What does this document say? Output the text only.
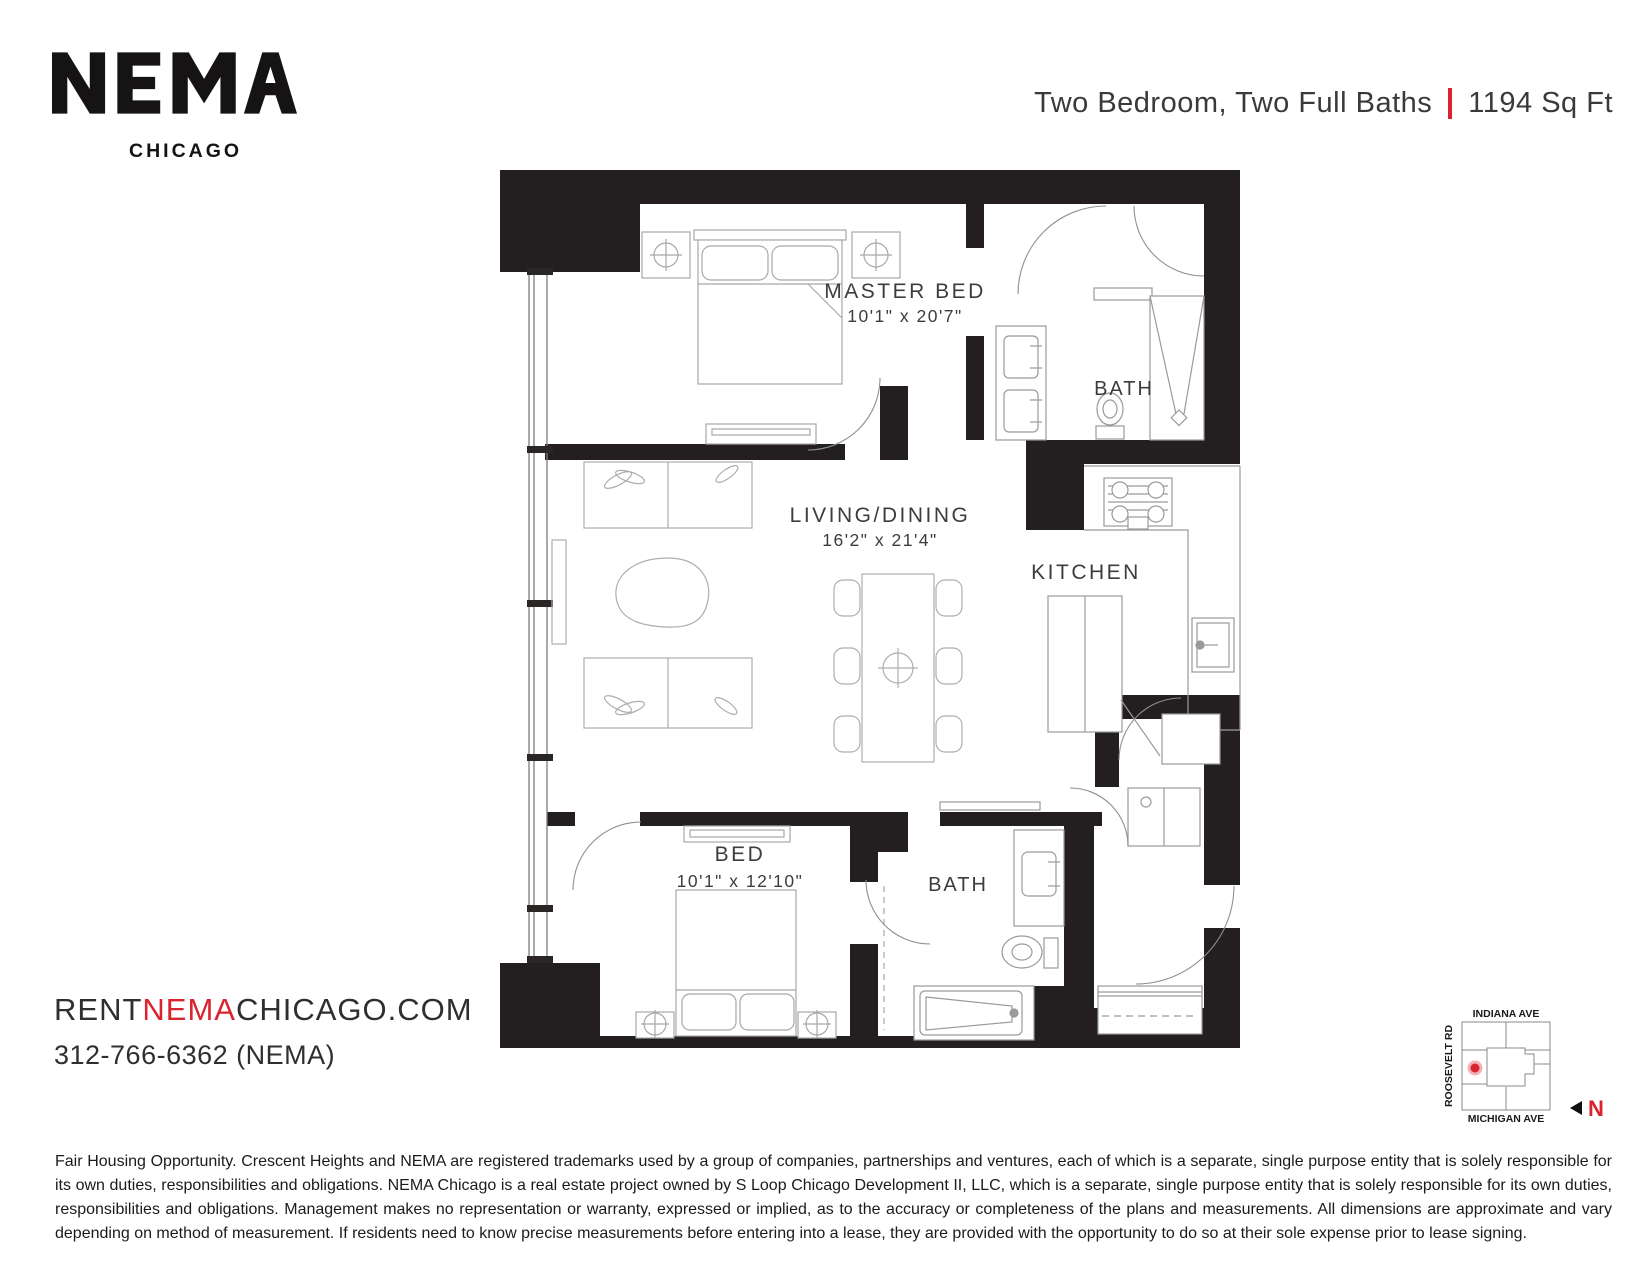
CHICAGO
Two Bedroom, Two Full Baths 1194 Sq Ft
MASTER BED
10'1" x 20'7"
BATH
LIVING/DINING
16'2" x 21'4"
KITCHEN
BED
10'1" x 12'10"	BATH
RENTNEMACHICAGO.COM
312-766-6362 (NEMA)
INDIANA AVE
MICHIGAN AVE
ROOSEVELT RD
N
Fair Housing Opportunity. Crescent Heights and NEMA are registered trademarks used by a group of companies, partnerships and ventures, each of which is a separate, single purpose entity that is solely responsible for its own duties, responsibilities and obligations. NEMA Chicago is a real estate project owned by S Loop Chicago Development II, LLC, which is a separate, single purpose entity that is solely responsible for its own duties, responsibilities and obligations. Management makes no representation or warranty, expressed or implied, as to the accuracy or completeness of the plans and measurements. All dimensions are approximate and vary depending on method of measurement. If residents need to know precise measurements before entering into a lease, they are provided with the opportunity to do so at their sole expense prior to lease signing.
